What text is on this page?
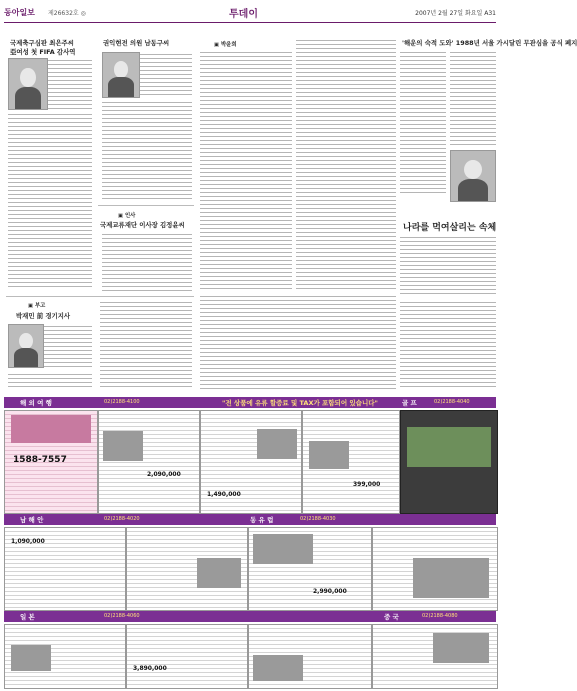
동아일보 제26632호 ◎	투데이	2007년 2월 27일 화요일 A31
국제축구심판 최은주씨
亞여성 첫 FIFA 감사역
권익현전 의원 남동구씨
▣ 인사
국제교류재단 이사장 김정윤씨
▣ 부고
박재민 前 경기지사
▣ 박윤희	'해운의 숙적 도와' 1988년 서울 가시달린 무관심을 공식 폐지
나라를 먹여살리는 속체
해 외 여 행	02)2188-4100	"전 상품에 유류 할증료 및 TAX가 포함되어 있습니다"	골 프	02)2188-4040
1588-7557
2,090,000
1,490,000
399,000
남 해 안	02)2188-4020	동 유 럽	02)2188-4030
1,090,000
2,990,000
일 본	02)2188-4060	중 국	02)2188-4080
3,890,000
